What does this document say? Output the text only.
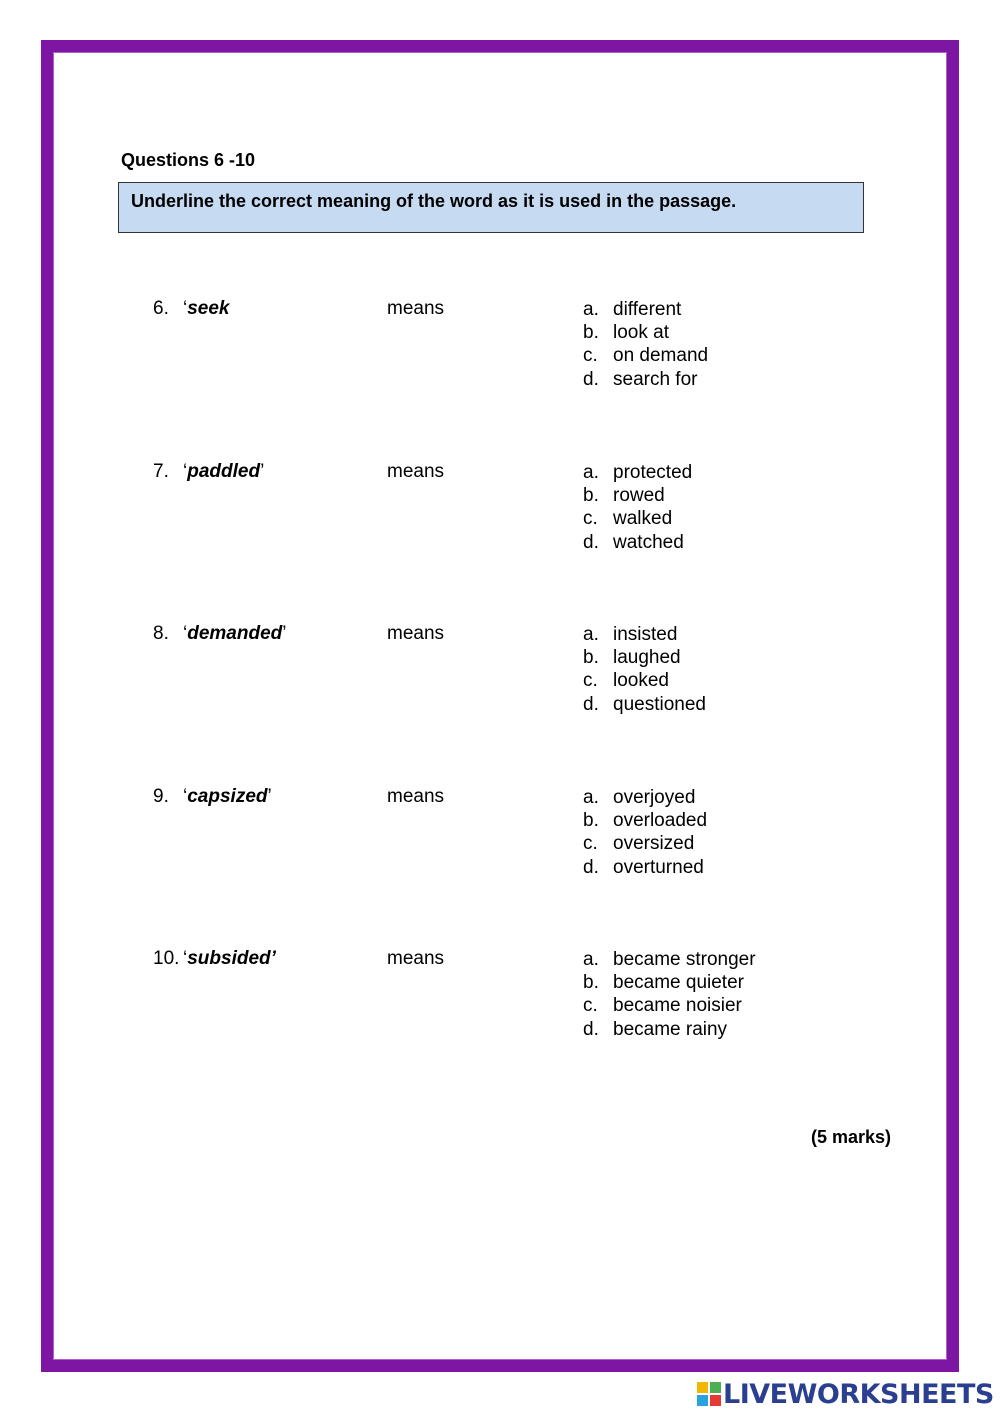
Questions 6 -10
Underline the correct meaning of the word as it is used in the passage.
6. ‘seek	means	a. different
b. look at
c. on demand
d. search for
7. ‘paddled’	means	a. protected
b. rowed
c. walked
d. watched
8. ‘demanded’	means	a. insisted
b. laughed
c. looked
d. questioned
9. ‘capsized’	means	a. overjoyed
b. overloaded
c. oversized
d. overturned
10. ‘subsided’	means	a. became stronger
b. became quieter
c. became noisier
d. became rainy
(5 marks)
LIVEWORKSHEETS
